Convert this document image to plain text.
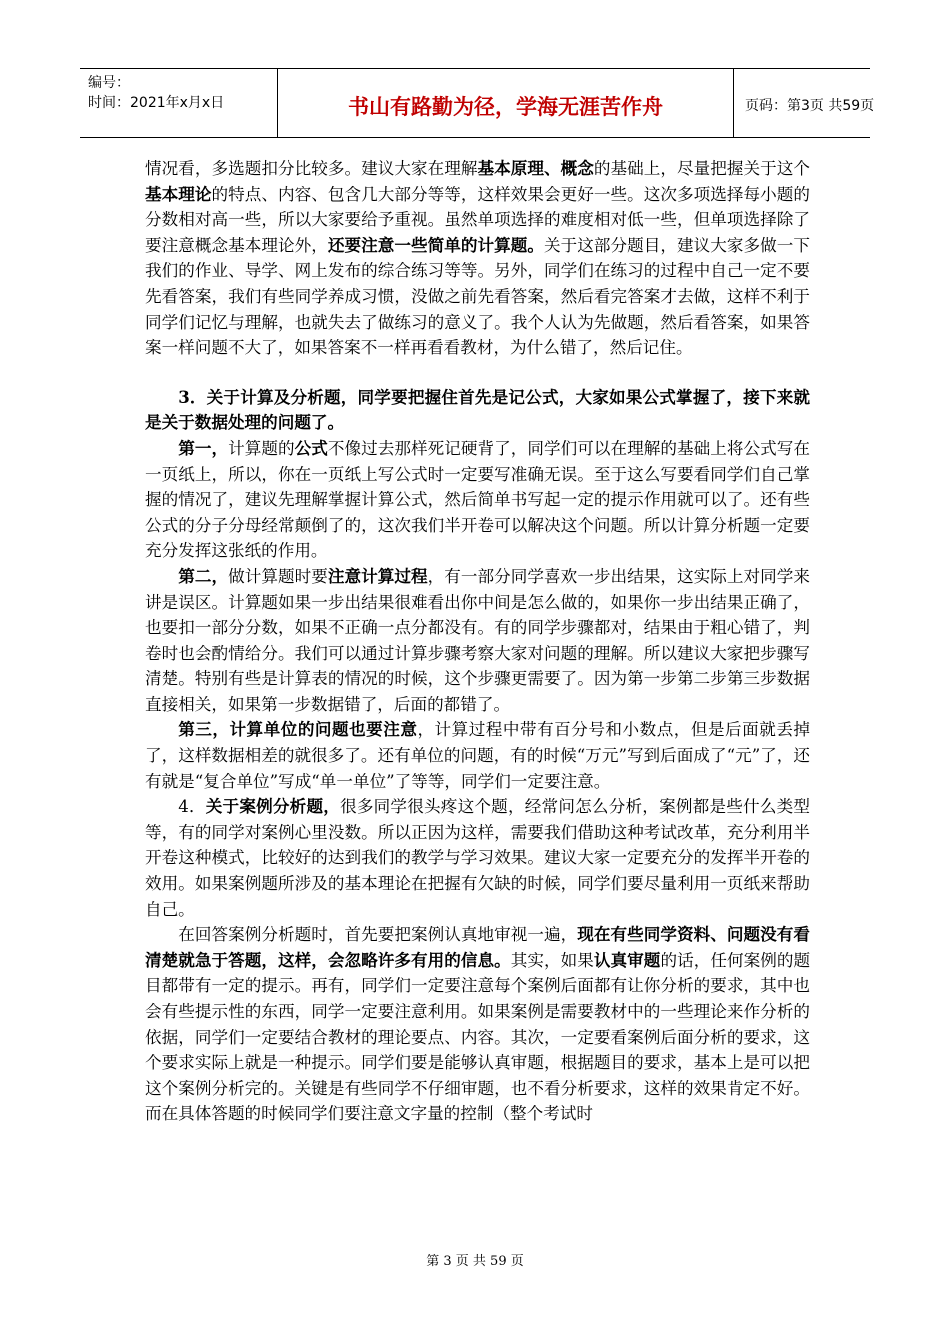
编号：
时间：2021年x月x日	书山有路勤为径，学海无涯苦作舟	页码：第3页 共59页

情况看，多选题扣分比较多。建议大家在理解基本原理、概念的基础上，尽量把握关于这个基本理论的特点、内容、包含几大部分等等，这样效果会更好一些。这次多项选择每小题的分数相对高一些，所以大家要给予重视。虽然单项选择的难度相对低一些，但单项选择除了要注意概念基本理论外，还要注意一些简单的计算题。关于这部分题目，建议大家多做一下我们的作业、导学、网上发布的综合练习等等。另外，同学们在练习的过程中自己一定不要先看答案，我们有些同学养成习惯，没做之前先看答案，然后看完答案才去做，这样不利于同学们记忆与理解，也就失去了做练习的意义了。我个人认为先做题，然后看答案，如果答案一样问题不大了，如果答案不一样再看看教材，为什么错了，然后记住。

3．关于计算及分析题，同学要把握住首先是记公式，大家如果公式掌握了，接下来就是关于数据处理的问题了。

第一，计算题的公式不像过去那样死记硬背了，同学们可以在理解的基础上将公式写在一页纸上，所以，你在一页纸上写公式时一定要写准确无误。至于这么写要看同学们自己掌握的情况了，建议先理解掌握计算公式，然后简单书写起一定的提示作用就可以了。还有些公式的分子分母经常颠倒了的，这次我们半开卷可以解决这个问题。所以计算分析题一定要充分发挥这张纸的作用。

第二，做计算题时要注意计算过程，有一部分同学喜欢一步出结果，这实际上对同学来讲是误区。计算题如果一步出结果很难看出你中间是怎么做的，如果你一步出结果正确了，也要扣一部分分数，如果不正确一点分都没有。有的同学步骤都对，结果由于粗心错了，判卷时也会酌情给分。我们可以通过计算步骤考察大家对问题的理解。所以建议大家把步骤写清楚。特别有些是计算表的情况的时候，这个步骤更需要了。因为第一步第二步第三步数据直接相关，如果第一步数据错了，后面的都错了。

第三，计算单位的问题也要注意，计算过程中带有百分号和小数点，但是后面就丢掉了，这样数据相差的就很多了。还有单位的问题，有的时候“万元”写到后面成了“元”了，还有就是“复合单位”写成“单一单位”了等等，同学们一定要注意。

4．关于案例分析题，很多同学很头疼这个题，经常问怎么分析，案例都是些什么类型等，有的同学对案例心里没数。所以正因为这样，需要我们借助这种考试改革，充分利用半开卷这种模式，比较好的达到我们的教学与学习效果。建议大家一定要充分的发挥半开卷的效用。如果案例题所涉及的基本理论在把握有欠缺的时候，同学们要尽量利用一页纸来帮助自己。

在回答案例分析题时，首先要把案例认真地审视一遍，现在有些同学资料、问题没有看清楚就急于答题，这样，会忽略许多有用的信息。其实，如果认真审题的话，任何案例的题目都带有一定的提示。再有，同学们一定要注意每个案例后面都有让你分析的要求，其中也会有些提示性的东西，同学一定要注意利用。如果案例是需要教材中的一些理论来作分析的依据，同学们一定要结合教材的理论要点、内容。其次，一定要看案例后面分析的要求，这个要求实际上就是一种提示。同学们要是能够认真审题，根据题目的要求，基本上是可以把这个案例分析完的。关键是有些同学不仔细审题，也不看分析要求，这样的效果肯定不好。而在具体答题的时候同学们要注意文字量的控制（整个考试时

第 3 页 共 59 页
